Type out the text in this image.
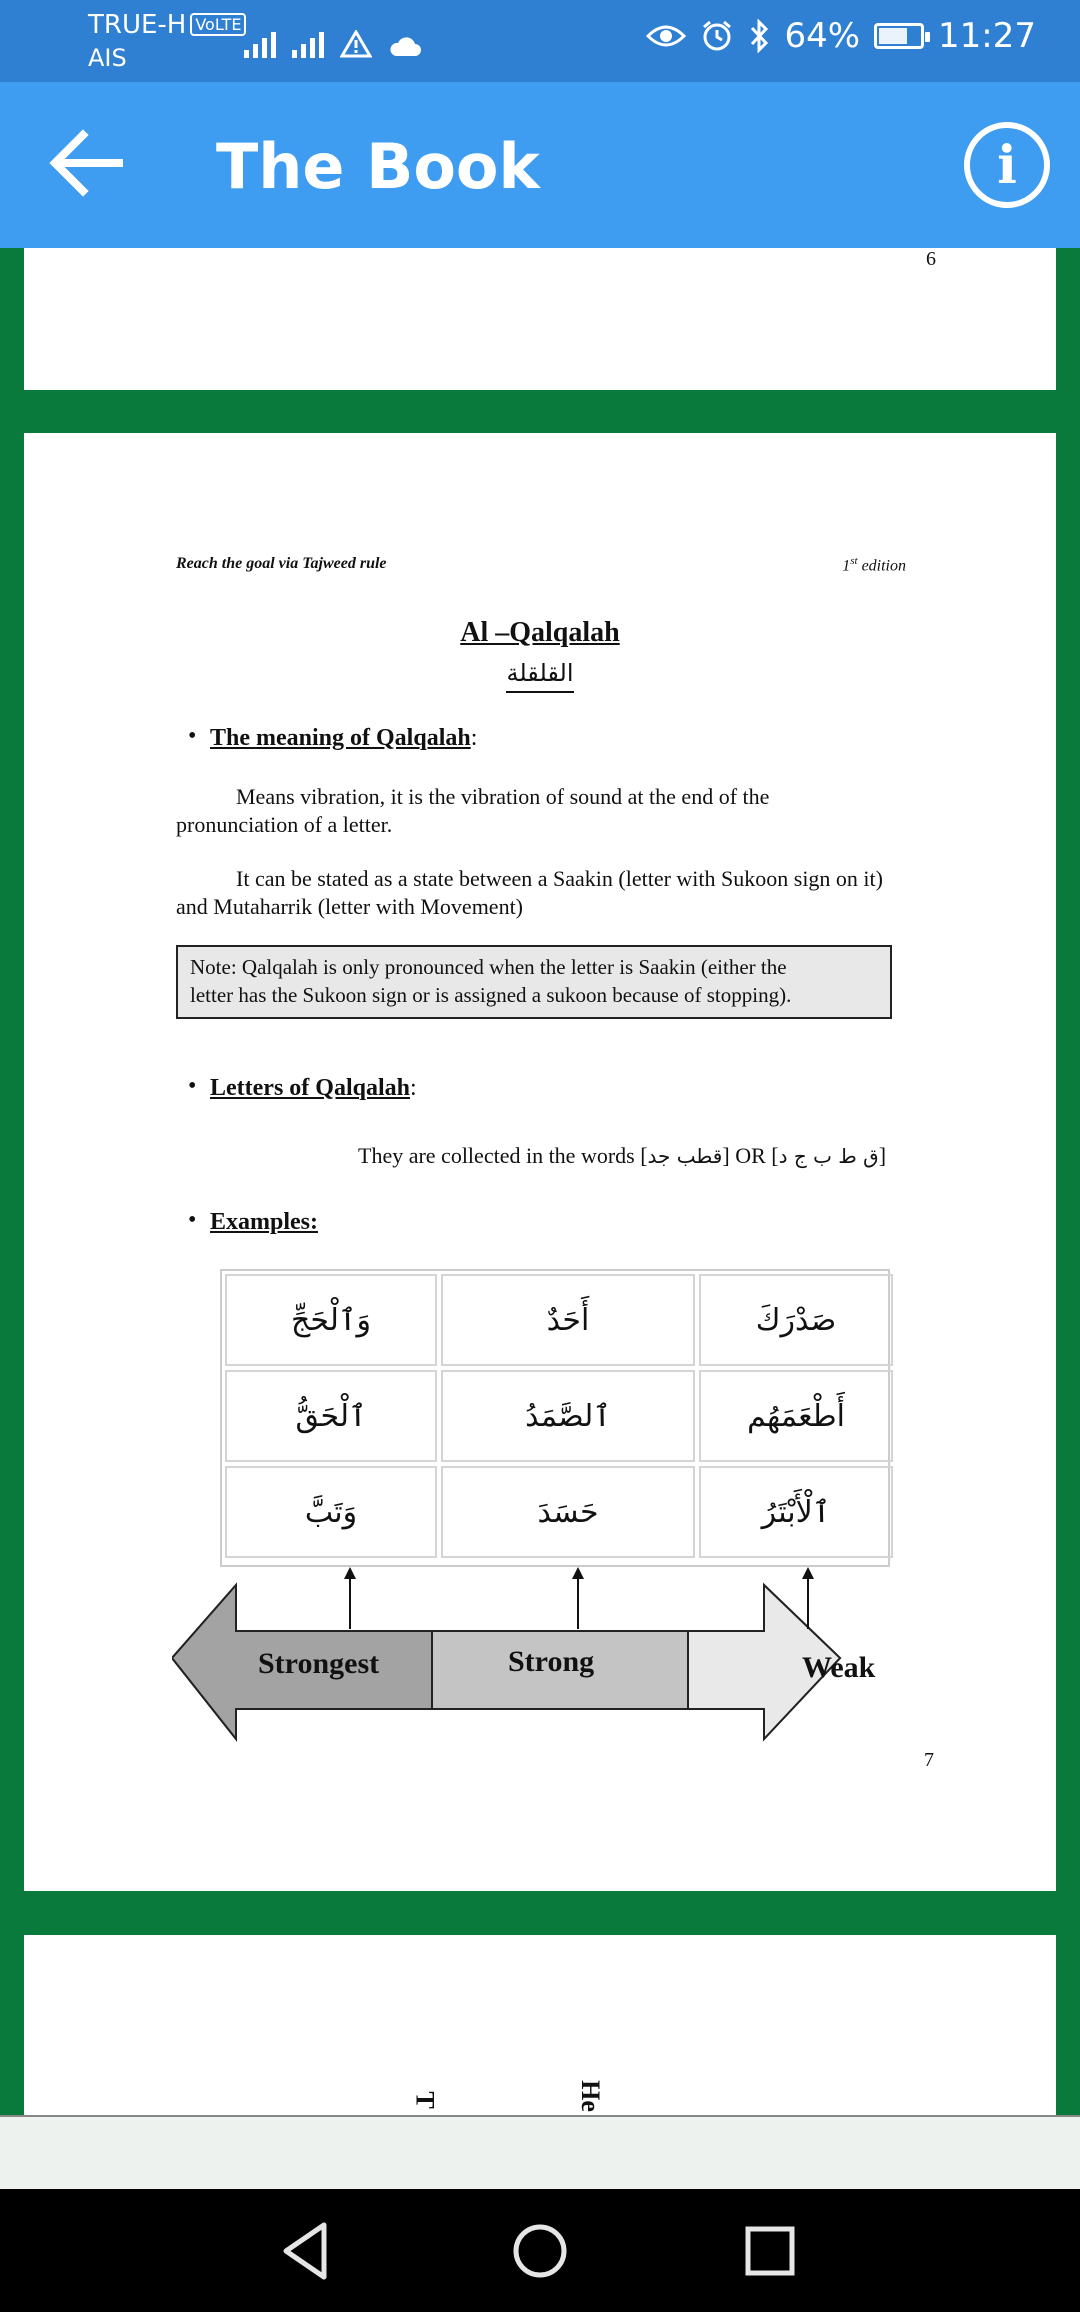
TRUE-H VoLTE
AIS
64% 11:27
The Book	i
6
Reach the goal via Tajweed rule	1st edition
Al –Qalqalah
القلقلة
• The meaning of Qalqalah:
Means vibration, it is the vibration of sound at the end of the
pronunciation of a letter.
It can be stated as a state between a Saakin (letter with Sukoon sign on it)
and Mutaharrik (letter with Movement)
Note: Qalqalah is only pronounced when the letter is Saakin (either the
letter has the Sukoon sign or is assigned a sukoon because of stopping).
• Letters of Qalqalah:
They are collected in the words [قطب جد] OR [ق ط ب ج د]
• Examples:
وَٱلْحَجِّ	أَحَدٌ	صَدْرَكَ
ٱلْحَقُّ	ٱلصَّمَدُ	أَطْعَمَهُم
وَتَبَّ	حَسَدَ	ٱلْأَبْتَرُ
Strongest	Strong	Weak
7
T	He
